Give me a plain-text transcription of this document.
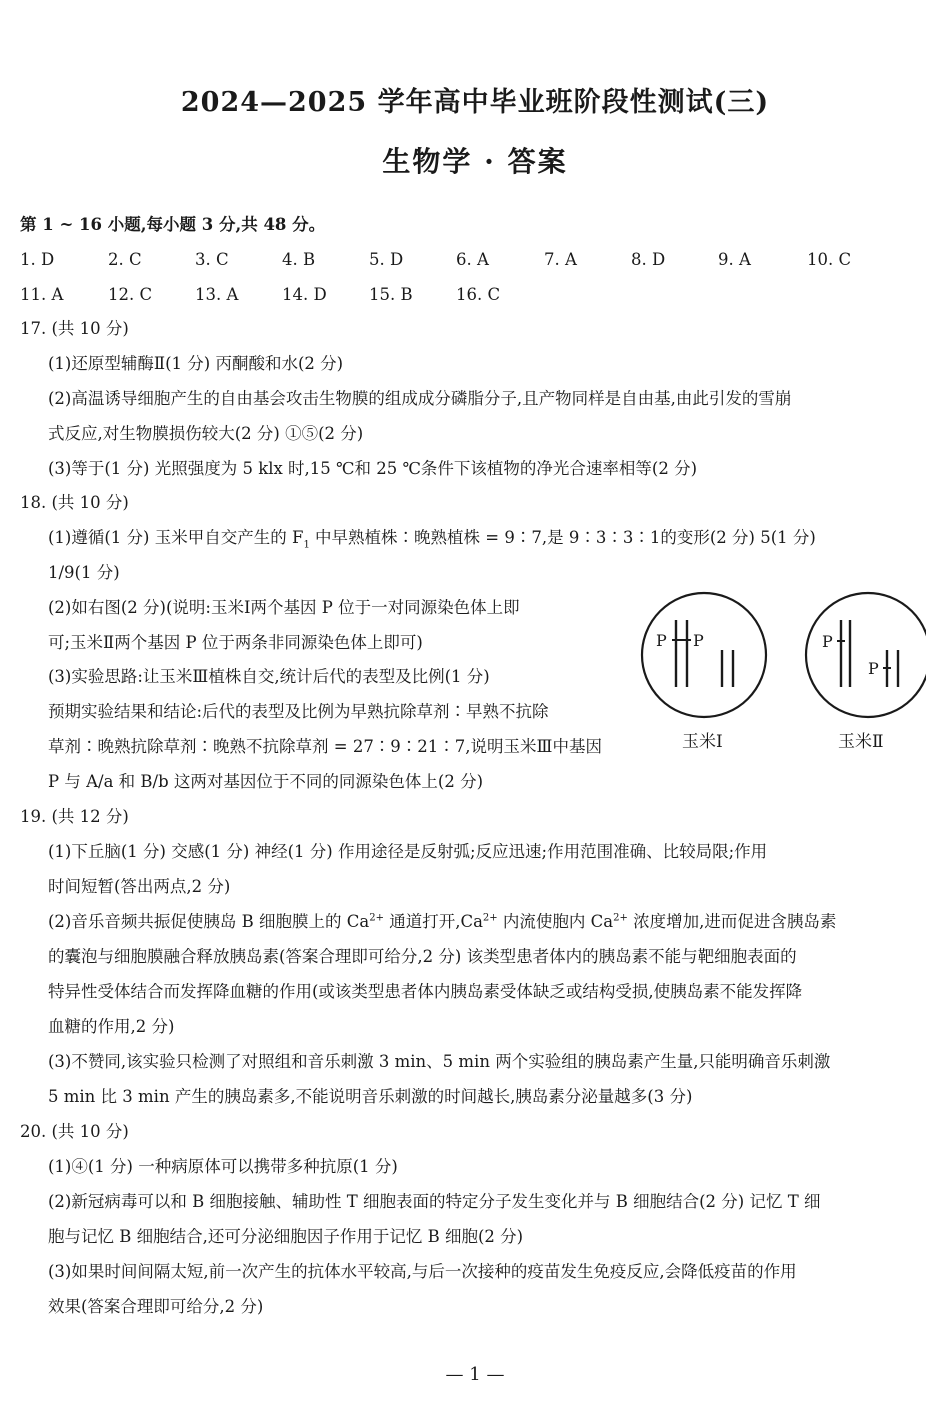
2024—2025 学年高中毕业班阶段性测试(三)
生物学 · 答案
第 1 ~ 16 小题,每小题 3 分,共 48 分。
1. D	2. C	3. C	4. B	5. D	6. A	7. A	8. D	9. A	10. C
11. A	12. C	13. A	14. D	15. B	16. C
17. (共 10 分)
(1)还原型辅酶Ⅱ(1 分) 丙酮酸和水(2 分)
(2)高温诱导细胞产生的自由基会攻击生物膜的组成成分磷脂分子,且产物同样是自由基,由此引发的雪崩
式反应,对生物膜损伤较大(2 分) ①⑤(2 分)
(3)等于(1 分) 光照强度为 5 klx 时,15 ℃和 25 ℃条件下该植物的净光合速率相等(2 分)
18. (共 10 分)
(1)遵循(1 分) 玉米甲自交产生的 $F_1$ 中早熟植株∶晚熟植株 = 9∶7,是 9∶3∶3∶1的变形(2 分) 5(1 分)
1/9(1 分)
(2)如右图(2 分)(说明:玉米Ⅰ两个基因 P 位于一对同源染色体上即
可;玉米Ⅱ两个基因 P 位于两条非同源染色体上即可)
(3)实验思路:让玉米Ⅲ植株自交,统计后代的表型及比例(1 分)
预期实验结果和结论:后代的表型及比例为早熟抗除草剂∶早熟不抗除
草剂∶晚熟抗除草剂∶晚熟不抗除草剂 = 27∶9∶21∶7,说明玉米Ⅲ中基因
P 与 A/a 和 B/b 这两对基因位于不同的同源染色体上(2 分)
P P	P
P
玉米Ⅰ	玉米Ⅱ
19. (共 12 分)
(1)下丘脑(1 分) 交感(1 分) 神经(1 分) 作用途径是反射弧;反应迅速;作用范围准确、比较局限;作用
时间短暂(答出两点,2 分)
(2)音乐音频共振促使胰岛 B 细胞膜上的 $Ca^{2+}$ 通道打开$,Ca^{2+}$ 内流使胞内 $Ca^{2+}$ 浓度增加,进而促进含胰岛素
的囊泡与细胞膜融合释放胰岛素(答案合理即可给分,2 分) 该类型患者体内的胰岛素不能与靶细胞表面的
特异性受体结合而发挥降血糖的作用(或该类型患者体内胰岛素受体缺乏或结构受损,使胰岛素不能发挥降
血糖的作用,2 分)
(3)不赞同,该实验只检测了对照组和音乐刺激 3 min、5 min 两个实验组的胰岛素产生量,只能明确音乐刺激
5 min 比 3 min 产生的胰岛素多,不能说明音乐刺激的时间越长,胰岛素分泌量越多(3 分)
20. (共 10 分)
(1)④(1 分) 一种病原体可以携带多种抗原(1 分)
(2)新冠病毒可以和 B 细胞接触、辅助性 T 细胞表面的特定分子发生变化并与 B 细胞结合(2 分) 记忆 T 细
胞与记忆 B 细胞结合,还可分泌细胞因子作用于记忆 B 细胞(2 分)
(3)如果时间间隔太短,前一次产生的抗体水平较高,与后一次接种的疫苗发生免疫反应,会降低疫苗的作用
效果(答案合理即可给分,2 分)
— 1 —
